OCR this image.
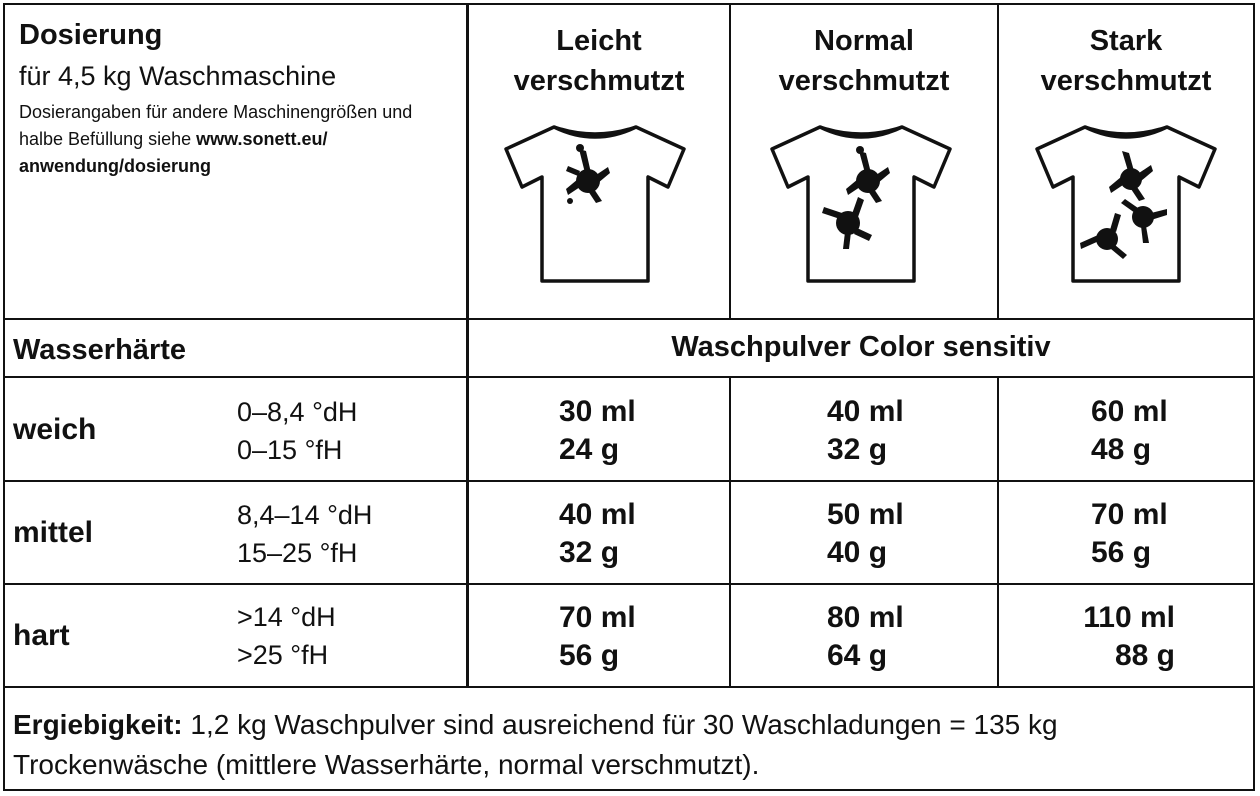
Dosierung
für 4,5 kg Waschmaschine
Dosierangaben für andere Maschinengrößen und halbe Befüllung siehe www.sonett.eu/
anwendung/dosierung
Leicht
verschmutzt
Normal
verschmutzt
Stark
verschmutzt
Wasserhärte	Waschpulver Color sensitiv
weich
0–8,4 °dH
0–15 °fH
30 ml
24 g
40 ml
32 g
60 ml
48 g
mittel
8,4–14 °dH
15–25 °fH
40 ml
32 g
50 ml
40 g
70 ml
56 g
hart
>14 °dH
>25 °fH
70 ml
56 g
80 ml
64 g
110 ml
88 g
Ergiebigkeit: 1,2 kg Waschpulver sind ausreichend für 30 Waschladungen = 135 kg Trockenwäsche (mittlere Wasserhärte, normal verschmutzt).
